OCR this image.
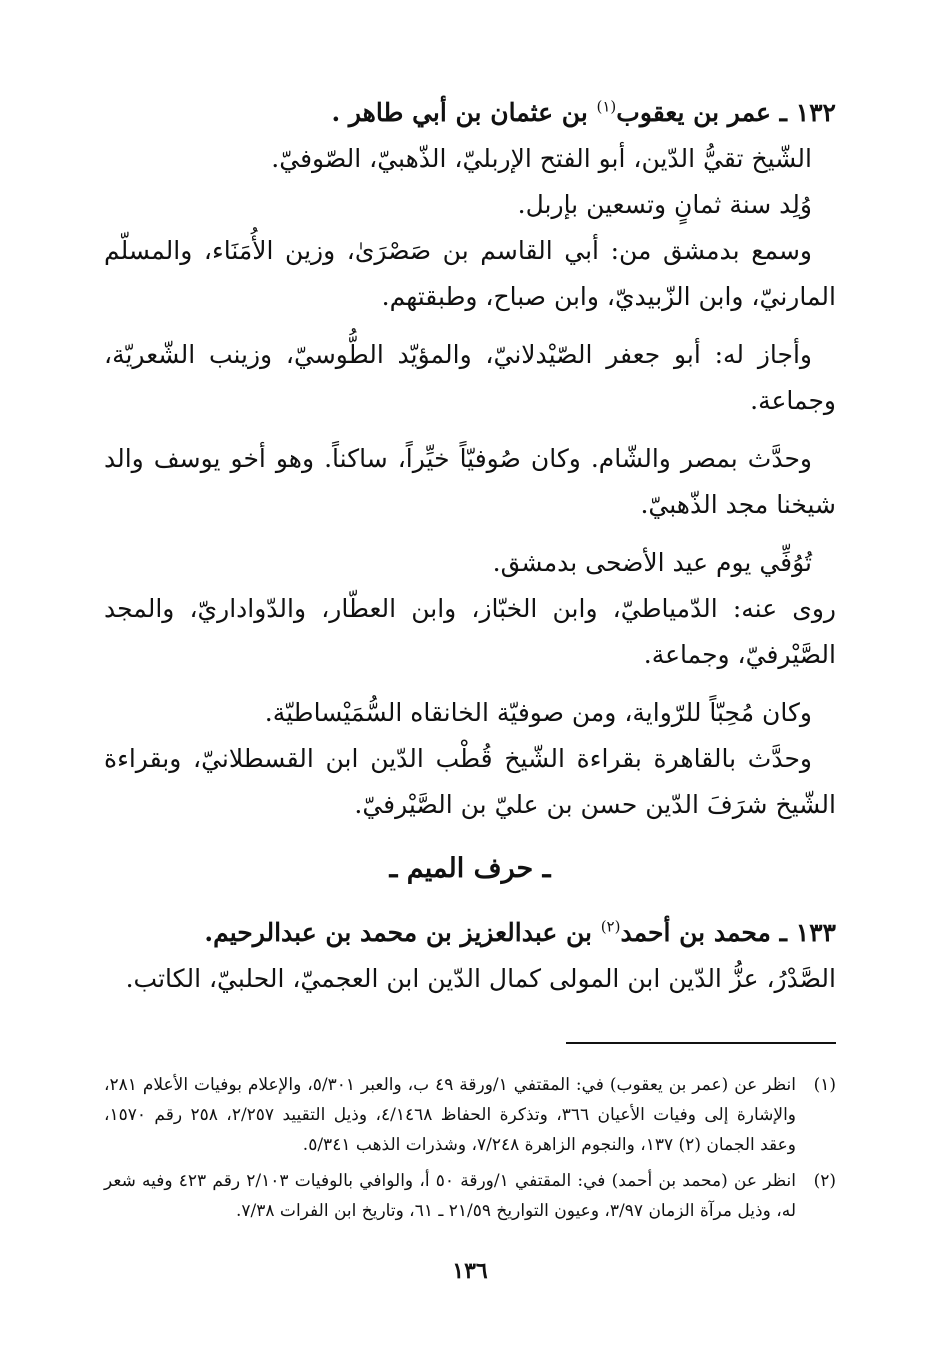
١٣٢ ـ عمر بن يعقوب$^{(١)}$ بن عثمان بن أبي طاهر .

الشّيخ تقيُّ الدّين، أبو الفتح الإربليّ، الذّهبيّ، الصّوفيّ.

وُلِد سنة ثمانٍ وتسعين بإربل.

وسمع بدمشق من: أبي القاسم بن صَصْرَىٰ، وزين الأُمَنَاء، والمسلّم المارنيّ، وابن الزّبيديّ، وابن صباح، وطبقتهم.

وأجاز له: أبو جعفر الصّيْدلانيّ، والمؤيّد الطُّوسيّ، وزينب الشّعريّة، وجماعة.

وحدَّث بمصر والشّام. وكان صُوفيّاً خيِّراً، ساكناً. وهو أخو يوسف والد شيخنا مجد الذّهبيّ.

تُوُفِّي يوم عيد الأضحى بدمشق.

روى عنه: الدّمياطيّ، وابن الخبّاز، وابن العطّار، والدّواداريّ، والمجد الصَّيْرفيّ، وجماعة.

وكان مُحِبّاً للرّواية، ومن صوفيّة الخانقاه السُّمَيْساطيّة.

وحدَّث بالقاهرة بقراءة الشّيخ قُطْب الدّين ابن القسطلانيّ، وبقراءة الشّيخ شرَفَ الدّين حسن بن عليّ بن الصَّيْرفيّ.

ـ حرف الميم ـ

١٣٣ ـ محمد بن أحمد$^{(٢)}$ بن عبدالعزيز بن محمد بن عبدالرحيم.

الصَّدْرُ، عزُّ الدّين ابن المولى كمال الدّين ابن العجميّ، الحلبيّ، الكاتب.

(١)
انظر عن (عمر بن يعقوب) في: المقتفي ١/ورقة ٤٩ ب، والعبر ٥/٣٠١، والإعلام بوفيات الأعلام ٢٨١، والإشارة إلى وفيات الأعيان ٣٦٦، وتذكرة الحفاظ ٤/١٤٦٨، وذيل التقييد ٢/٢٥٧، ٢٥٨ رقم ١٥٧٠، وعقد الجمان (٢) ١٣٧، والنجوم الزاهرة ٧/٢٤٨، وشذرات الذهب ٥/٣٤١.
(٢)
انظر عن (محمد بن أحمد) في: المقتفي ١/ورقة ٥٠ أ، والوافي بالوفيات ٢/١٠٣ رقم ٤٢٣ وفيه شعر له، وذيل مرآة الزمان ٣/٩٧، وعيون التواريخ ٢١/٥٩ ـ ٦١، وتاريخ ابن الفرات ٧/٣٨.
١٣٦
